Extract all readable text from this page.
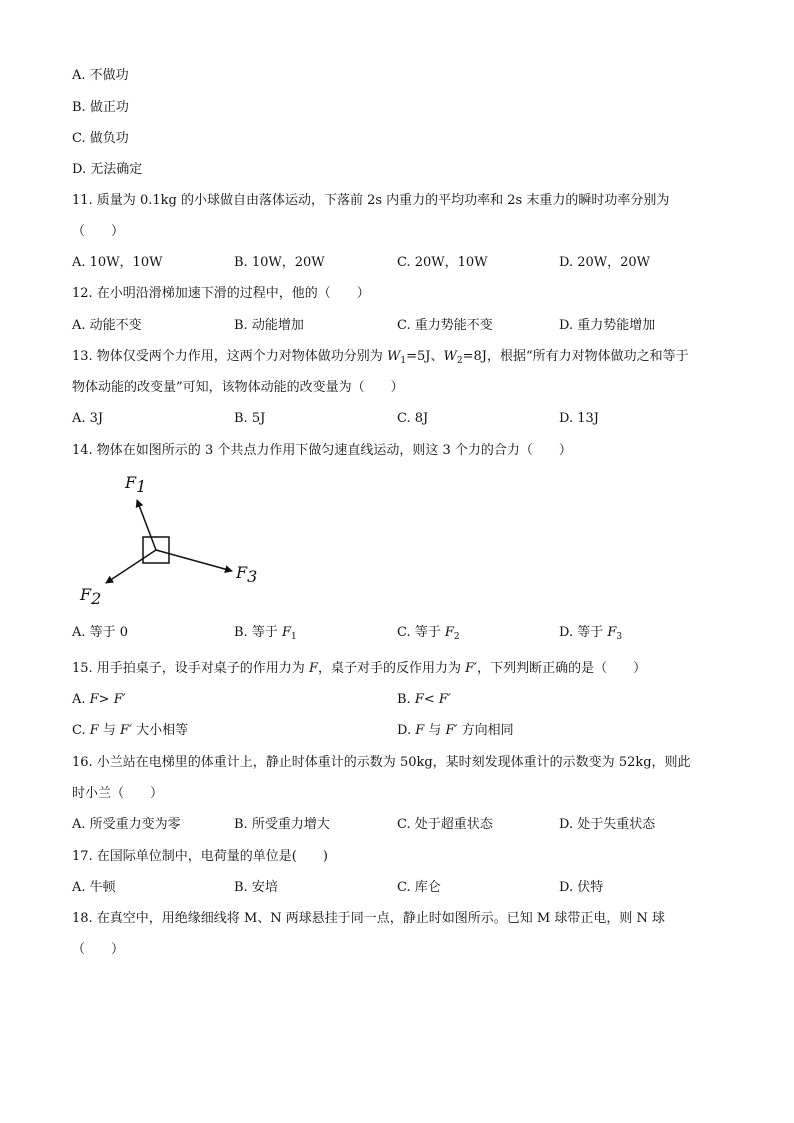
A. 不做功
B. 做正功
C. 做负功
D. 无法确定
11. 质量为 0.1kg 的小球做自由落体运动，下落前 2s 内重力的平均功率和 2s 末重力的瞬时功率分别为
（　　）
A. 10W，10W	B. 10W，20W	C. 20W，10W	D. 20W，20W
12. 在小明沿滑梯加速下滑的过程中，他的（　　）
A. 动能不变	B. 动能增加	C. 重力势能不变	D. 重力势能增加
13. 物体仅受两个力作用，这两个力对物体做功分别为 $W_1=5J$、$W_2=8J$，根据“所有力对物体做功之和等于
物体动能的改变量”可知，该物体动能的改变量为（　　）
A. 3J	B. 5J	C. 8J	D. 13J
14. 物体在如图所示的 3 个共点力作用下做匀速直线运动，则这 3 个力的合力（　　）
F1
F2
F3
A. 等于 0	B. 等于 $F_1$	C. 等于 $F_2$	D. 等于 $F_3$
15. 用手拍桌子，设手对桌子的作用力为 F，桌子对手的反作用力为 F′，下列判断正确的是（　　）
A. F> F′	B. F< F′
C. F 与 F′ 大小相等	D. F 与 F′ 方向相同
16. 小兰站在电梯里的体重计上，静止时体重计的示数为 50kg，某时刻发现体重计的示数变为 52kg，则此
时小兰（　　）
A. 所受重力变为零	B. 所受重力增大	C. 处于超重状态	D. 处于失重状态
17. 在国际单位制中，电荷量的单位是(　　)
A. 牛顿	B. 安培	C. 库仑	D. 伏特
18. 在真空中，用绝缘细线将 M、N 两球悬挂于同一点，静止时如图所示。已知 M 球带正电，则 N 球
（　　）
